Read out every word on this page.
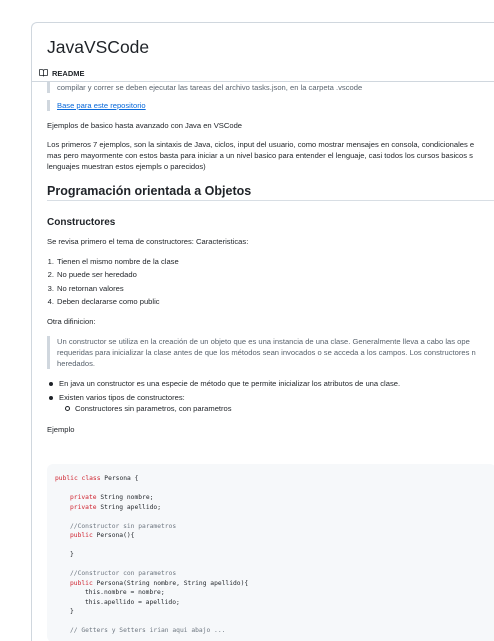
JavaVSCode
README
compilar y correr se deben ejecutar las tareas del archivo tasks.json, en la carpeta .vscode
Base para este repositorio

Ejemplos de basico hasta avanzado con Java en VSCode

Los primeros 7 ejemplos, son la sintaxis de Java, ciclos, input del usuario, como mostrar mensajes en consola, condicionales e

mas pero mayormente con estos basta para iniciar a un nivel basico para entender el lenguaje, casi todos los cursos basicos s

lenguajes muestran estos ejempls o parecidos)

Programación orientada a Objetos
Constructores

Se revisa primero el tema de constructores: Caracteristicas:

1. Tienen el mismo nombre de la clase
2. No puede ser heredado
3. No retornan valores
4. Deben declararse como public

Otra difinicion:

Un constructor se utiliza en la creación de un objeto que es una instancia de una clase. Generalmente lleva a cabo las ope
requeridas para inicializar la clase antes de que los métodos sean invocados o se acceda a los campos. Los constructores n
heredados.
En java un constructor es una especie de método que te permite inicializar los atributos de una clase.
Existen varios tipos de constructores:
Constructores sin parametros, con parametros

Ejemplo

public class Persona {
private String nombre;
private String apellido;
//Constructor sin parametros
public Persona(){
}
//Constructor con parametros
public Persona(String nombre, String apellido){
this.nombre = nombre;
this.apellido = apellido;
}
// Getters y Setters irian aqui abajo ...
